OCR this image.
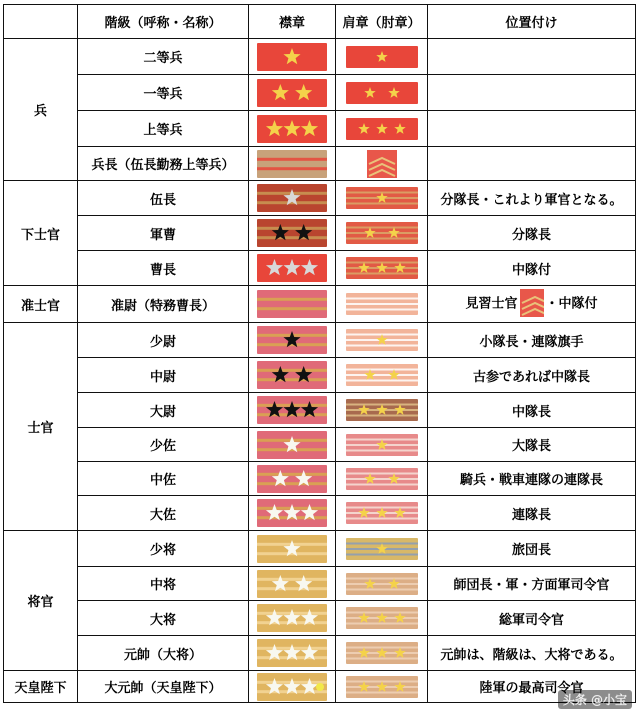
	階級（呼称・名称）	襟章	肩章（肘章）	位置付け
兵	二等兵	

	一等兵	

	上等兵	

	兵長（伍長勤務上等兵）	

下士官	伍長			分隊長・これより軍官となる。
	軍曹			分隊長
	曹長			中隊付
准士官	准尉（特務曹長）			見習士官 ・中隊付
士官	少尉			小隊長・連隊旗手
	中尉			古参であれば中隊長
	大尉			中隊長
	少佐			大隊長
	中佐			騎兵・戦車連隊の連隊長
	大佐			連隊長
将官	少将			旅団長
	中将			師団長・軍・方面軍司令官
	大将			総軍司令官
	元帥（大将）			元帥は、階級は、大将である。
天皇陛下	大元帥（天皇陛下）			陸軍の最高司令官
头条 @小宝
